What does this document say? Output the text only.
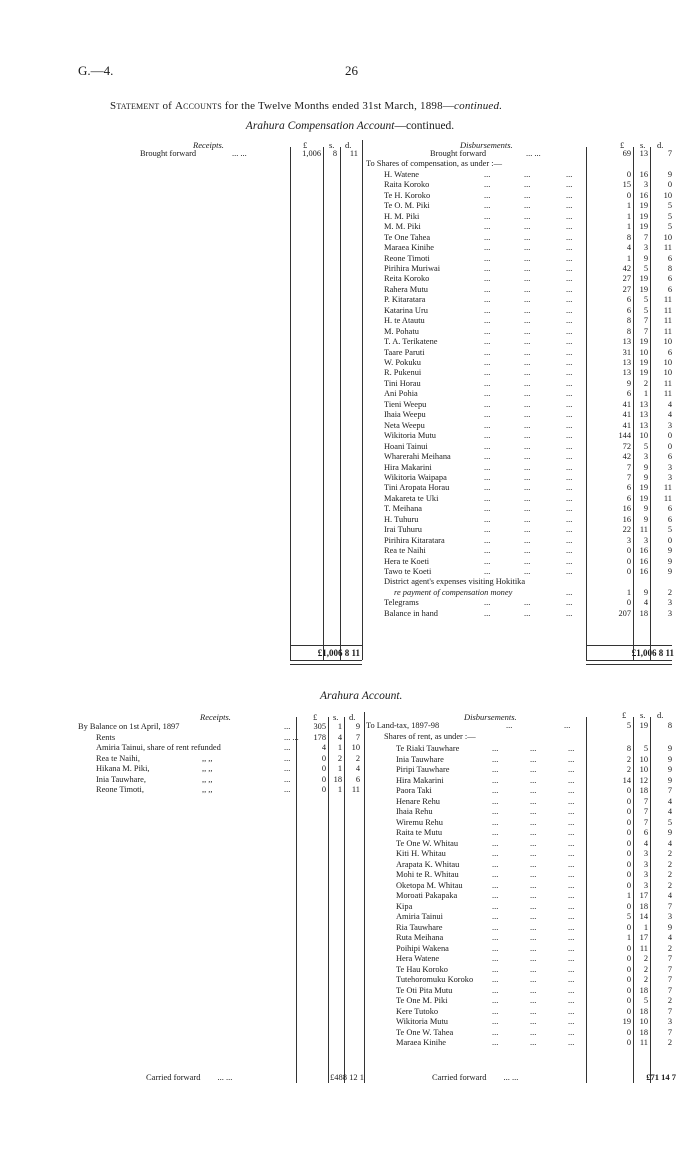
G.—4.	26
Statement of Accounts for the Twelve Months ended 31st March, 1898—continued.
Arahura Compensation Account—continued.
Receipts.	Disbursements.
£	s. d.	£ s. d.
Brought forward	... ...	1,006	8	11	Brought forward	... ...	69	13	7
To Shares of compensation, as under :—
H. Watene	...	...	...	0	16	9
Raita Koroko	...	...	...	15	3	0
Te H. Koroko	...	...	...	0	16	10
Te O. M. Piki	...	...	...	1	19	5
H. M. Piki	...	...	...	1	19	5
M. M. Piki	...	...	...	1	19	5
Te One Tahea	...	...	...	8	7	10
Maraea Kinihe	...	...	...	4	3	11
Reone Timoti	...	...	...	1	9	6
Pirihira Muriwai	...	...	...	42	5	8
Reita Koroko	...	...	...	27	19	6
Rahera Mutu	...	...	...	27	19	6
P. Kitaratara	...	...	...	6	5	11
Katarina Uru	...	...	...	6	5	11
H. te Atautu	...	...	...	8	7	11
M. Pohatu	...	...	...	8	7	11
T. A. Terikatene	...	...	...	13	19	10
Taare Paruti	...	...	...	31	10	6
W. Pokuku	...	...	...	13	19	10
R. Pukenui	...	...	...	13	19	10
Tini Horau	...	...	...	9	2	11
Ani Pohia	...	...	...	6	1	11
Tieni Weepu	...	...	...	41	13	4
Ihaia Weepu	...	...	...	41	13	4
Neta Weepu	...	...	...	41	13	3
Wikitoria Mutu	...	...	...	144	10	0
Hoani Tainui	...	...	...	72	5	0
Wharerahi Meihana	...	...	...	42	3	6
Hira Makarini	...	...	...	7	9	3
Wikitoria Waipapa	...	...	...	7	9	3
Tini Aropata Horau	...	...	...	6	19	11
Makareta te Uki	...	...	...	6	19	11
T. Meihana	...	...	...	16	9	6
H. Tuhuru	...	...	...	16	9	6
Irai Tuhuru	...	...	...	22	11	5
Pirihira Kitaratara	...	...	...	3	3	0
Rea te Naihi	...	...	...	0	16	9
Hera te Koeti	...	...	...	0	16	9
Tawo te Koeti	...	...	...	0	16	9
District agent's expenses visiting Hokitika
re payment of compensation money	...	1	9	2
Telegrams	...	...	...	0	4	3
Balance in hand	...	...	...	207	18	3
£1,006 8 11	£1,006 8 11
Arahura Account.
Receipts.	Disbursements.
£ s. d.	£ s. d.
By Balance on 1st April, 1897	...	305	1	9
Rents	... ...	178	4	7
Amiria Tainui, share of rent refunded	...	4	1	10
Rea te Naihi,	,, ,,	...	0	2	2
Hikana M. Piki,	,, ,,	...	0	1	4
Inia Tauwhare,	,, ,,	...	0 18	6
Reone Timoti,	,, ,,	...	0	1	11
To Land-tax, 1897-98	...	...	5	19	8
Shares of rent, as under :—
Te Riaki Tauwhare	...	...	...	8	5	9
Inia Tauwhare	...	...	...	2	10	9
Piripi Tauwhare	...	...	...	2	10	9
Hira Makarini	...	...	...	14	12	9
Paora Taki	...	...	...	0	18	7
Henare Rehu	...	...	...	0	7	4
Ihaia Rehu	...	...	...	0	7	4
Wiremu Rehu	...	...	...	0	7	5
Raita te Mutu	...	...	...	0	6	9
Te One W. Whitau	...	...	...	0	4	4
Kiti H. Whitau	...	...	...	0	3	2
Arapata K. Whitau	...	...	...	0	3	2
Mohi te R. Whitau	...	...	...	0	3	2
Oketopa M. Whitau	...	...	...	0	3	2
Moroati Pakapaka	...	...	...	1	17	4
Kipa	...	...	...	0	18	7
Amiria Tainui	...	...	...	5	14	3
Ria Tauwhare	...	...	...	0	1	9
Ruta Meihana	...	...	...	1	17	4
Poihipi Wakena	...	...	...	0	11	2
Hera Watene	...	...	...	0	2	7
Te Hau Koroko	...	...	...	0	2	7
Tutehoromuku Koroko ...	...	...	0	2	7
Te Oti Pita Mutu	...	...	...	0	18	7
Te One M. Piki	...	...	...	0	5	2
Kere Tutoko	...	...	...	0	18	7
Wikitoria Mutu	...	...	...	19	10	3
Te One W. Tahea	...	...	...	0	18	7
Maraea Kinihe	...	...	...	0	11	2
Carried forward ... ...	£488 12 1	Carried forward ... ...	£71 14 7
